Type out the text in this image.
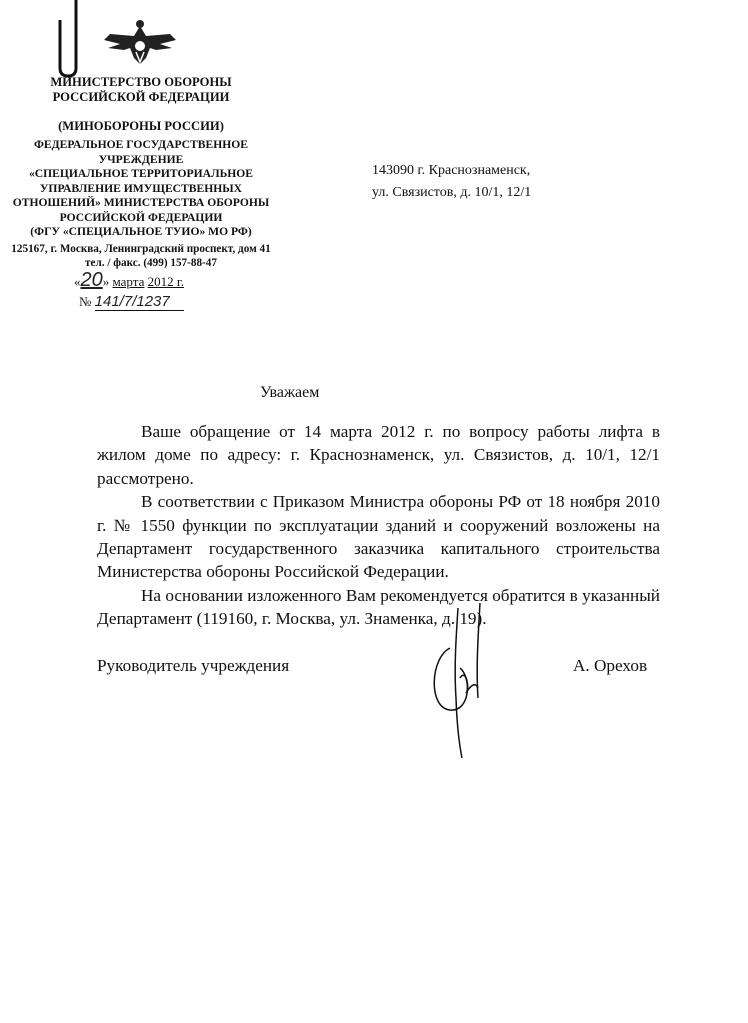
МИНИСТЕРСТВО ОБОРОНЫ
РОССИЙСКОЙ ФЕДЕРАЦИИ
(МИНОБОРОНЫ РОССИИ)
ФЕДЕРАЛЬНОЕ ГОСУДАРСТВЕННОЕ
УЧРЕЖДЕНИЕ
«СПЕЦИАЛЬНОЕ ТЕРРИТОРИАЛЬНОЕ
УПРАВЛЕНИЕ ИМУЩЕСТВЕННЫХ
ОТНОШЕНИЙ» МИНИСТЕРСТВА ОБОРОНЫ
РОССИЙСКОЙ ФЕДЕРАЦИИ
(ФГУ «СПЕЦИАЛЬНОЕ ТУИО» МО РФ)
125167, г. Москва, Ленинградский проспект, дом 41
тел. / факс. (499) 157-88-47
«20» марта 2012 г.
№ 141/7/1237
143090 г. Краснознаменск,
ул. Связистов, д. 10/1, 12/1
Уважаем

Ваше обращение от 14 марта 2012 г. по вопросу работы лифта в жилом доме по адресу: г. Краснознаменск, ул. Связистов, д. 10/1, 12/1 рассмотрено.

В соответствии с Приказом Министра обороны РФ от 18 ноября 2010 г. № 1550 функции по эксплуатации зданий и сооружений возложены на Департамент государственного заказчика капитального строительства Министерства обороны Российской Федерации.

На основании изложенного Вам рекомендуется обратится в указанный Департамент (119160, г. Москва, ул. Знаменка, д. 19).

Руководитель учреждения	А. Орехов
